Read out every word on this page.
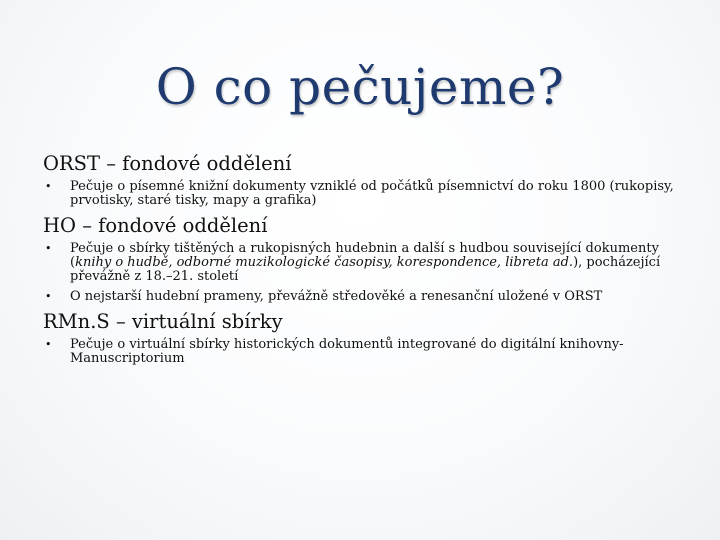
O co pečujeme?

ORST – fondové oddělení

• Pečuje o písemné knižní dokumenty vzniklé od počátků písemnictví do roku 1800 (rukopisy, prvotisky, staré tisky, mapy a grafika)

HO – fondové oddělení

• Pečuje o sbírky tištěných a rukopisných hudebnin a další s hudbou související dokumenty (knihy o hudbě, odborné muzikologické časopisy, korespondence, libreta ad.), pocházející převážně z 18.–21. století
• O nejstarší hudební prameny, převážně středověké a renesanční uložené v ORST

RMn.S – virtuální sbírky

• Pečuje o virtuální sbírky historických dokumentů integrované do digitální knihovny- Manuscriptorium
